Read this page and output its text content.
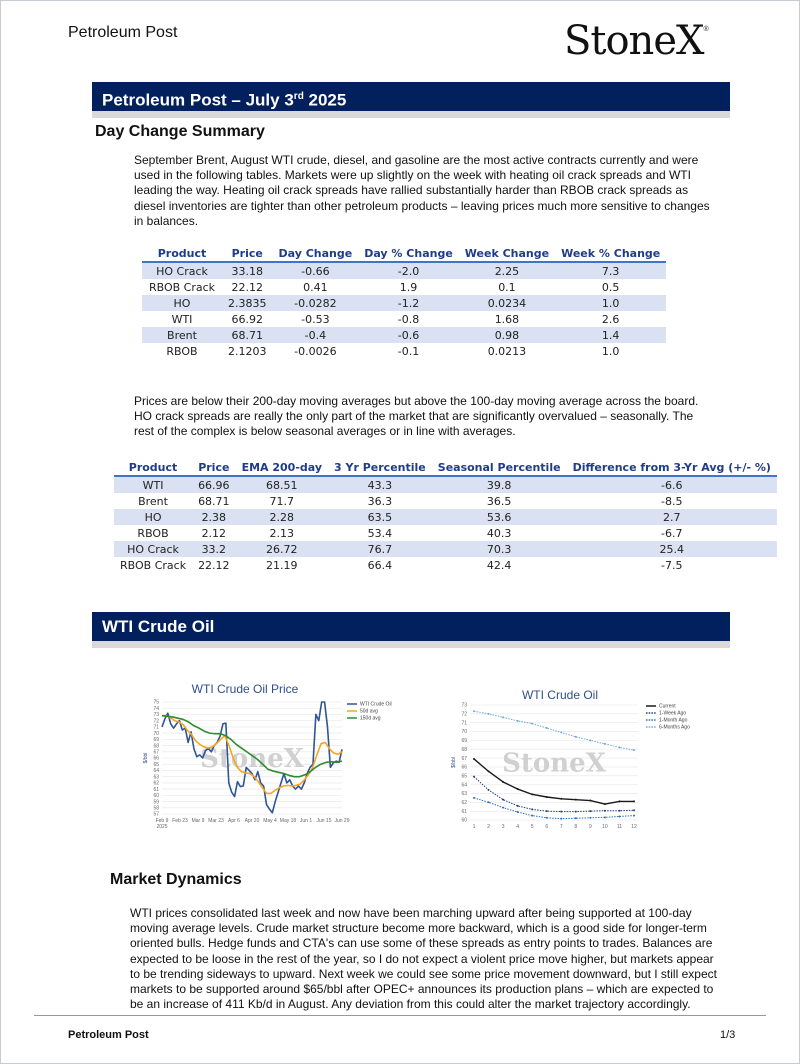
Petroleum Post	StoneX®
Petroleum Post – July 3rd 2025
Day Change Summary
September Brent, August WTI crude, diesel, and gasoline are the most active contracts currently and were used in the following tables. Markets were up slightly on the week with heating oil crack spreads and WTI leading the way. Heating oil crack spreads have rallied substantially harder than RBOB crack spreads as diesel inventories are tighter than other petroleum products – leaving prices much more sensitive to changes in balances.
Product	Price	Day Change	Day % Change	Week Change	Week % Change
HO Crack	33.18	-0.66	-2.0	2.25	7.3
RBOB Crack	22.12	0.41	1.9	0.1	0.5
HO	2.3835	-0.0282	-1.2	0.0234	1.0
WTI	66.92	-0.53	-0.8	1.68	2.6
Brent	68.71	-0.4	-0.6	0.98	1.4
RBOB	2.1203	-0.0026	-0.1	0.0213	1.0
Prices are below their 200-day moving averages but above the 100-day moving average across the board. HO crack spreads are really the only part of the market that are significantly overvalued – seasonally. The rest of the complex is below seasonal averages or in line with averages.
Product	Price	EMA 200-day	3 Yr Percentile	Seasonal Percentile	Difference from 3-Yr Avg (+/- %)
WTI	66.96	68.51	43.3	39.8	-6.6
Brent	68.71	71.7	36.3	36.5	-8.5
HO	2.38	2.28	63.5	53.6	2.7
RBOB	2.12	2.13	53.4	40.3	-6.7
HO Crack	33.2	26.72	76.7	70.3	25.4
RBOB Crack	22.12	21.19	66.4	42.4	-7.5
WTI Crude Oil
WTI Crude Oil Price
57
58
59
60
61
62
63
64
65
66
67
68
69
70
71
72
73
74
75
$/bbl StoneX
Feb 9 Feb 23 Mar 9 Mar 23 Apr 6 Apr 20 May 4 May 18 Jun 1 Jun 15 Jun 29
2025
WTI Crude Oil
50d avg
150d avg
WTI Crude Oil
60
61
62
63
64
65
66
67
68
69
70
71
72
73
$/bbl StoneX
1 2 3 4 5 6 7 8 9 10 11 12
Current
1-Week Ago
1-Month Ago
6-Months Ago
Market Dynamics
WTI prices consolidated last week and now have been marching upward after being supported at 100-day moving average levels. Crude market structure become more backward, which is a good side for longer-term oriented bulls. Hedge funds and CTA's can use some of these spreads as entry points to trades. Balances are expected to be loose in the rest of the year, so I do not expect a violent price move higher, but markets appear to be trending sideways to upward. Next week we could see some price movement downward, but I still expect markets to be supported around $65/bbl after OPEC+ announces its production plans – which are expected to be an increase of 411 Kb/d in August. Any deviation from this could alter the market trajectory accordingly.
Petroleum Post	1/3
